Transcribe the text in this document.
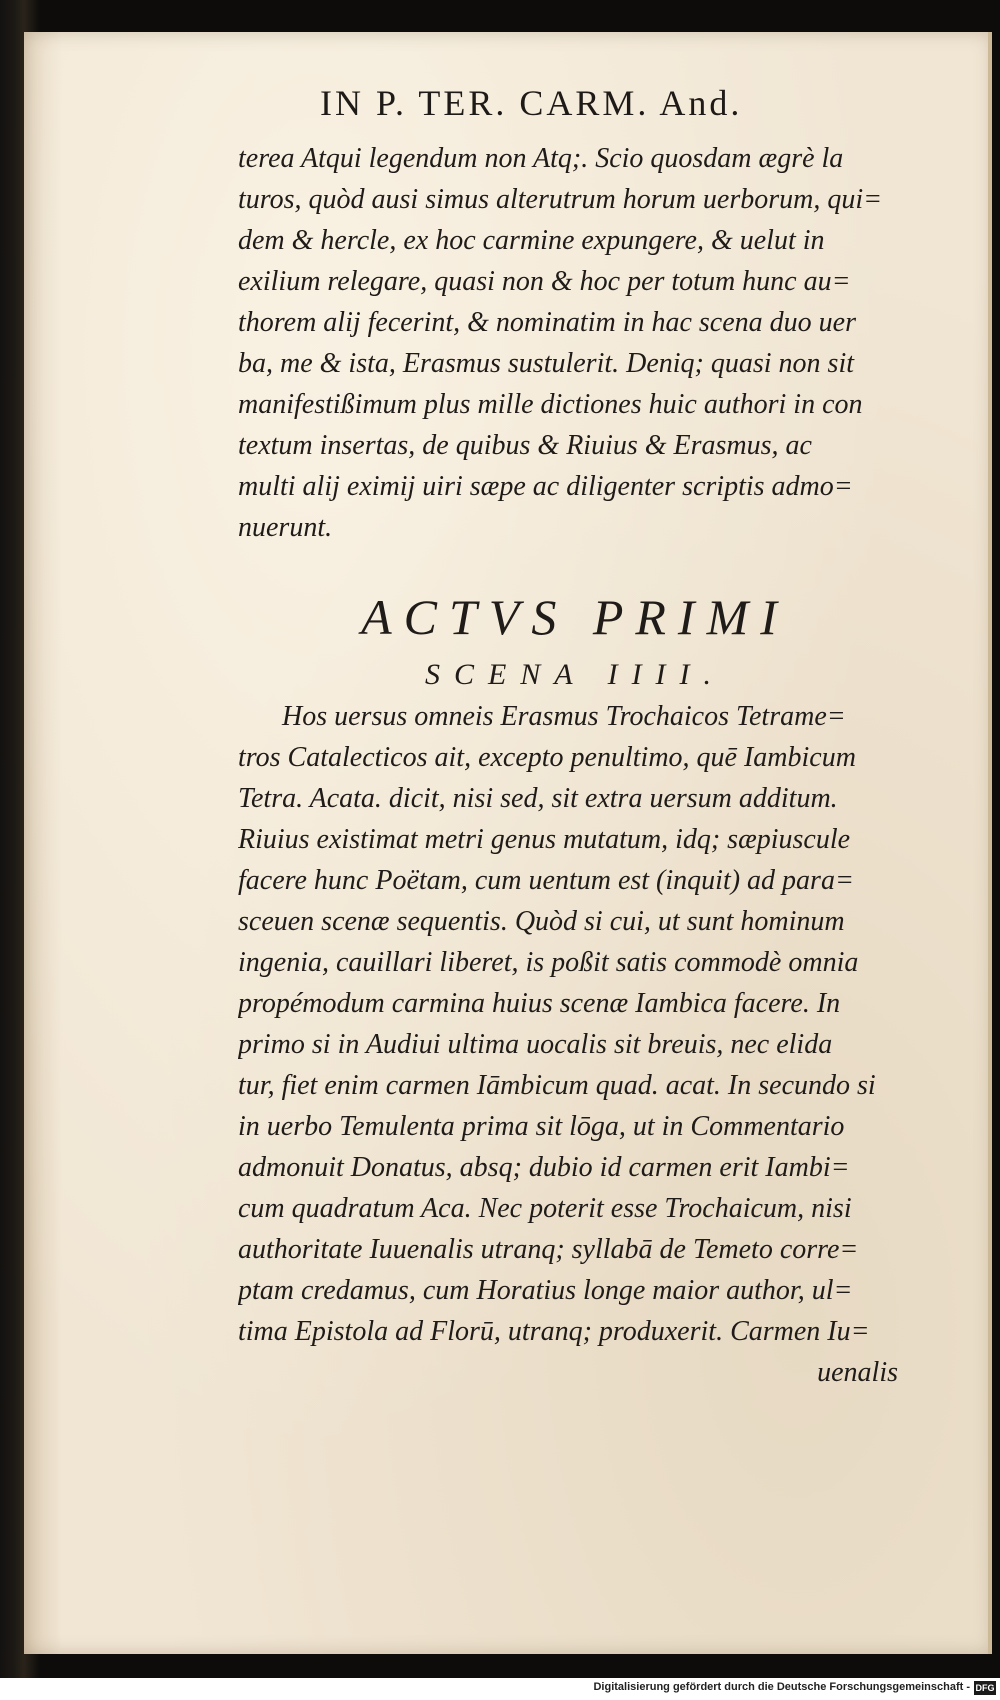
IN P. TER. CARM. And.
terea Atqui legendum non Atq;. Scio quosdam ægrè la
turos, quòd ausi simus alterutrum horum uerborum, qui=
dem & hercle, ex hoc carmine expungere, & uelut in
exilium relegare, quasi non & hoc per totum hunc au=
thorem alij fecerint, & nominatim in hac scena duo uer
ba, me & ista, Erasmus sustulerit. Deniq; quasi non sit
manifestißimum plus mille dictiones huic authori in con
textum insertas, de quibus & Riuius & Erasmus, ac
multi alij eximij uiri sæpe ac diligenter scriptis admo=
nuerunt.
ACTVS PRIMI
SCENA IIII.
Hos uersus omneis Erasmus Trochaicos Tetrame=
tros Catalecticos ait, excepto penultimo, quē Iambicum
Tetra. Acata. dicit, nisi sed, sit extra uersum additum.
Riuius existimat metri genus mutatum, idq; sæpiuscule
facere hunc Poëtam, cum uentum est (inquit) ad para=
sceuen scenæ sequentis. Quòd si cui, ut sunt hominum
ingenia, cauillari liberet, is poßit satis commodè omnia
propémodum carmina huius scenæ Iambica facere. In
primo si in Audiui ultima uocalis sit breuis, nec elida
tur, fiet enim carmen Iāmbicum quad. acat. In secundo si
in uerbo Temulenta prima sit lōga, ut in Commentario
admonuit Donatus, absq; dubio id carmen erit Iambi=
cum quadratum Aca. Nec poterit esse Trochaicum, nisi
authoritate Iuuenalis utranq; syllabā de Temeto corre=
ptam credamus, cum Horatius longe maior author, ul=
tima Epistola ad Florū, utranq; produxerit. Carmen Iu=
uenalis
Digitalisierung gefördert durch die Deutsche Forschungsgemeinschaft - DFG
